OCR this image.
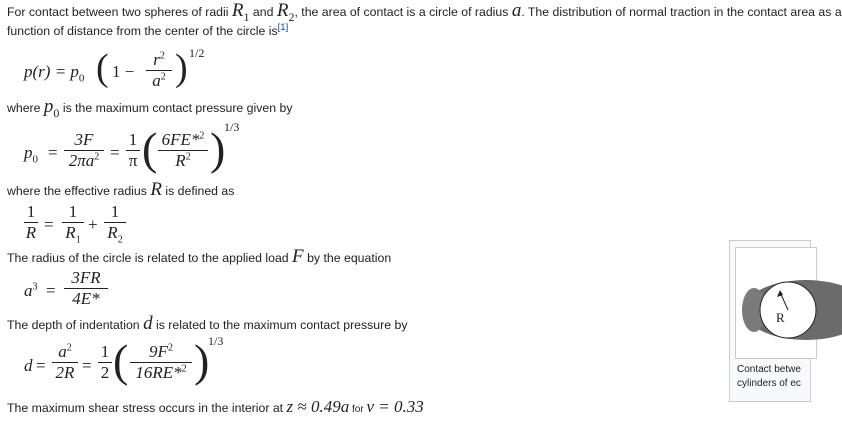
For contact between two spheres of radii $R_1$ and $R_2$, the area of contact is a circle of radius a. The distribution of normal traction in the contact area as a
function of distance from the center of the circle is[1]
$p(r) = p_0$ ( 1 −
$r^2$
$a^2$ ) 1/2
where $p_0$ is the maximum contact pressure given by
$p_0$ =
3F
$2\pi a^2$ =
1
π ( 6FE*$^2$
$R^2$ )
1/3
where the effective radius R is defined as
1
R =
1
$R_1$
+
1
$R_2$
The radius of the circle is related to the applied load F by the equation
$a^3$ =
3FR
4E*
The depth of indentation d is related to the maximum contact pressure by
d =
$a^2$
2R =
1
2 (	$9F^2$
16RE*$^2$ )
1/3
The maximum shear stress occurs in the interior at z ≈ 0.49a for ν = 0.33
R
Contact betwe
cylinders of ec
